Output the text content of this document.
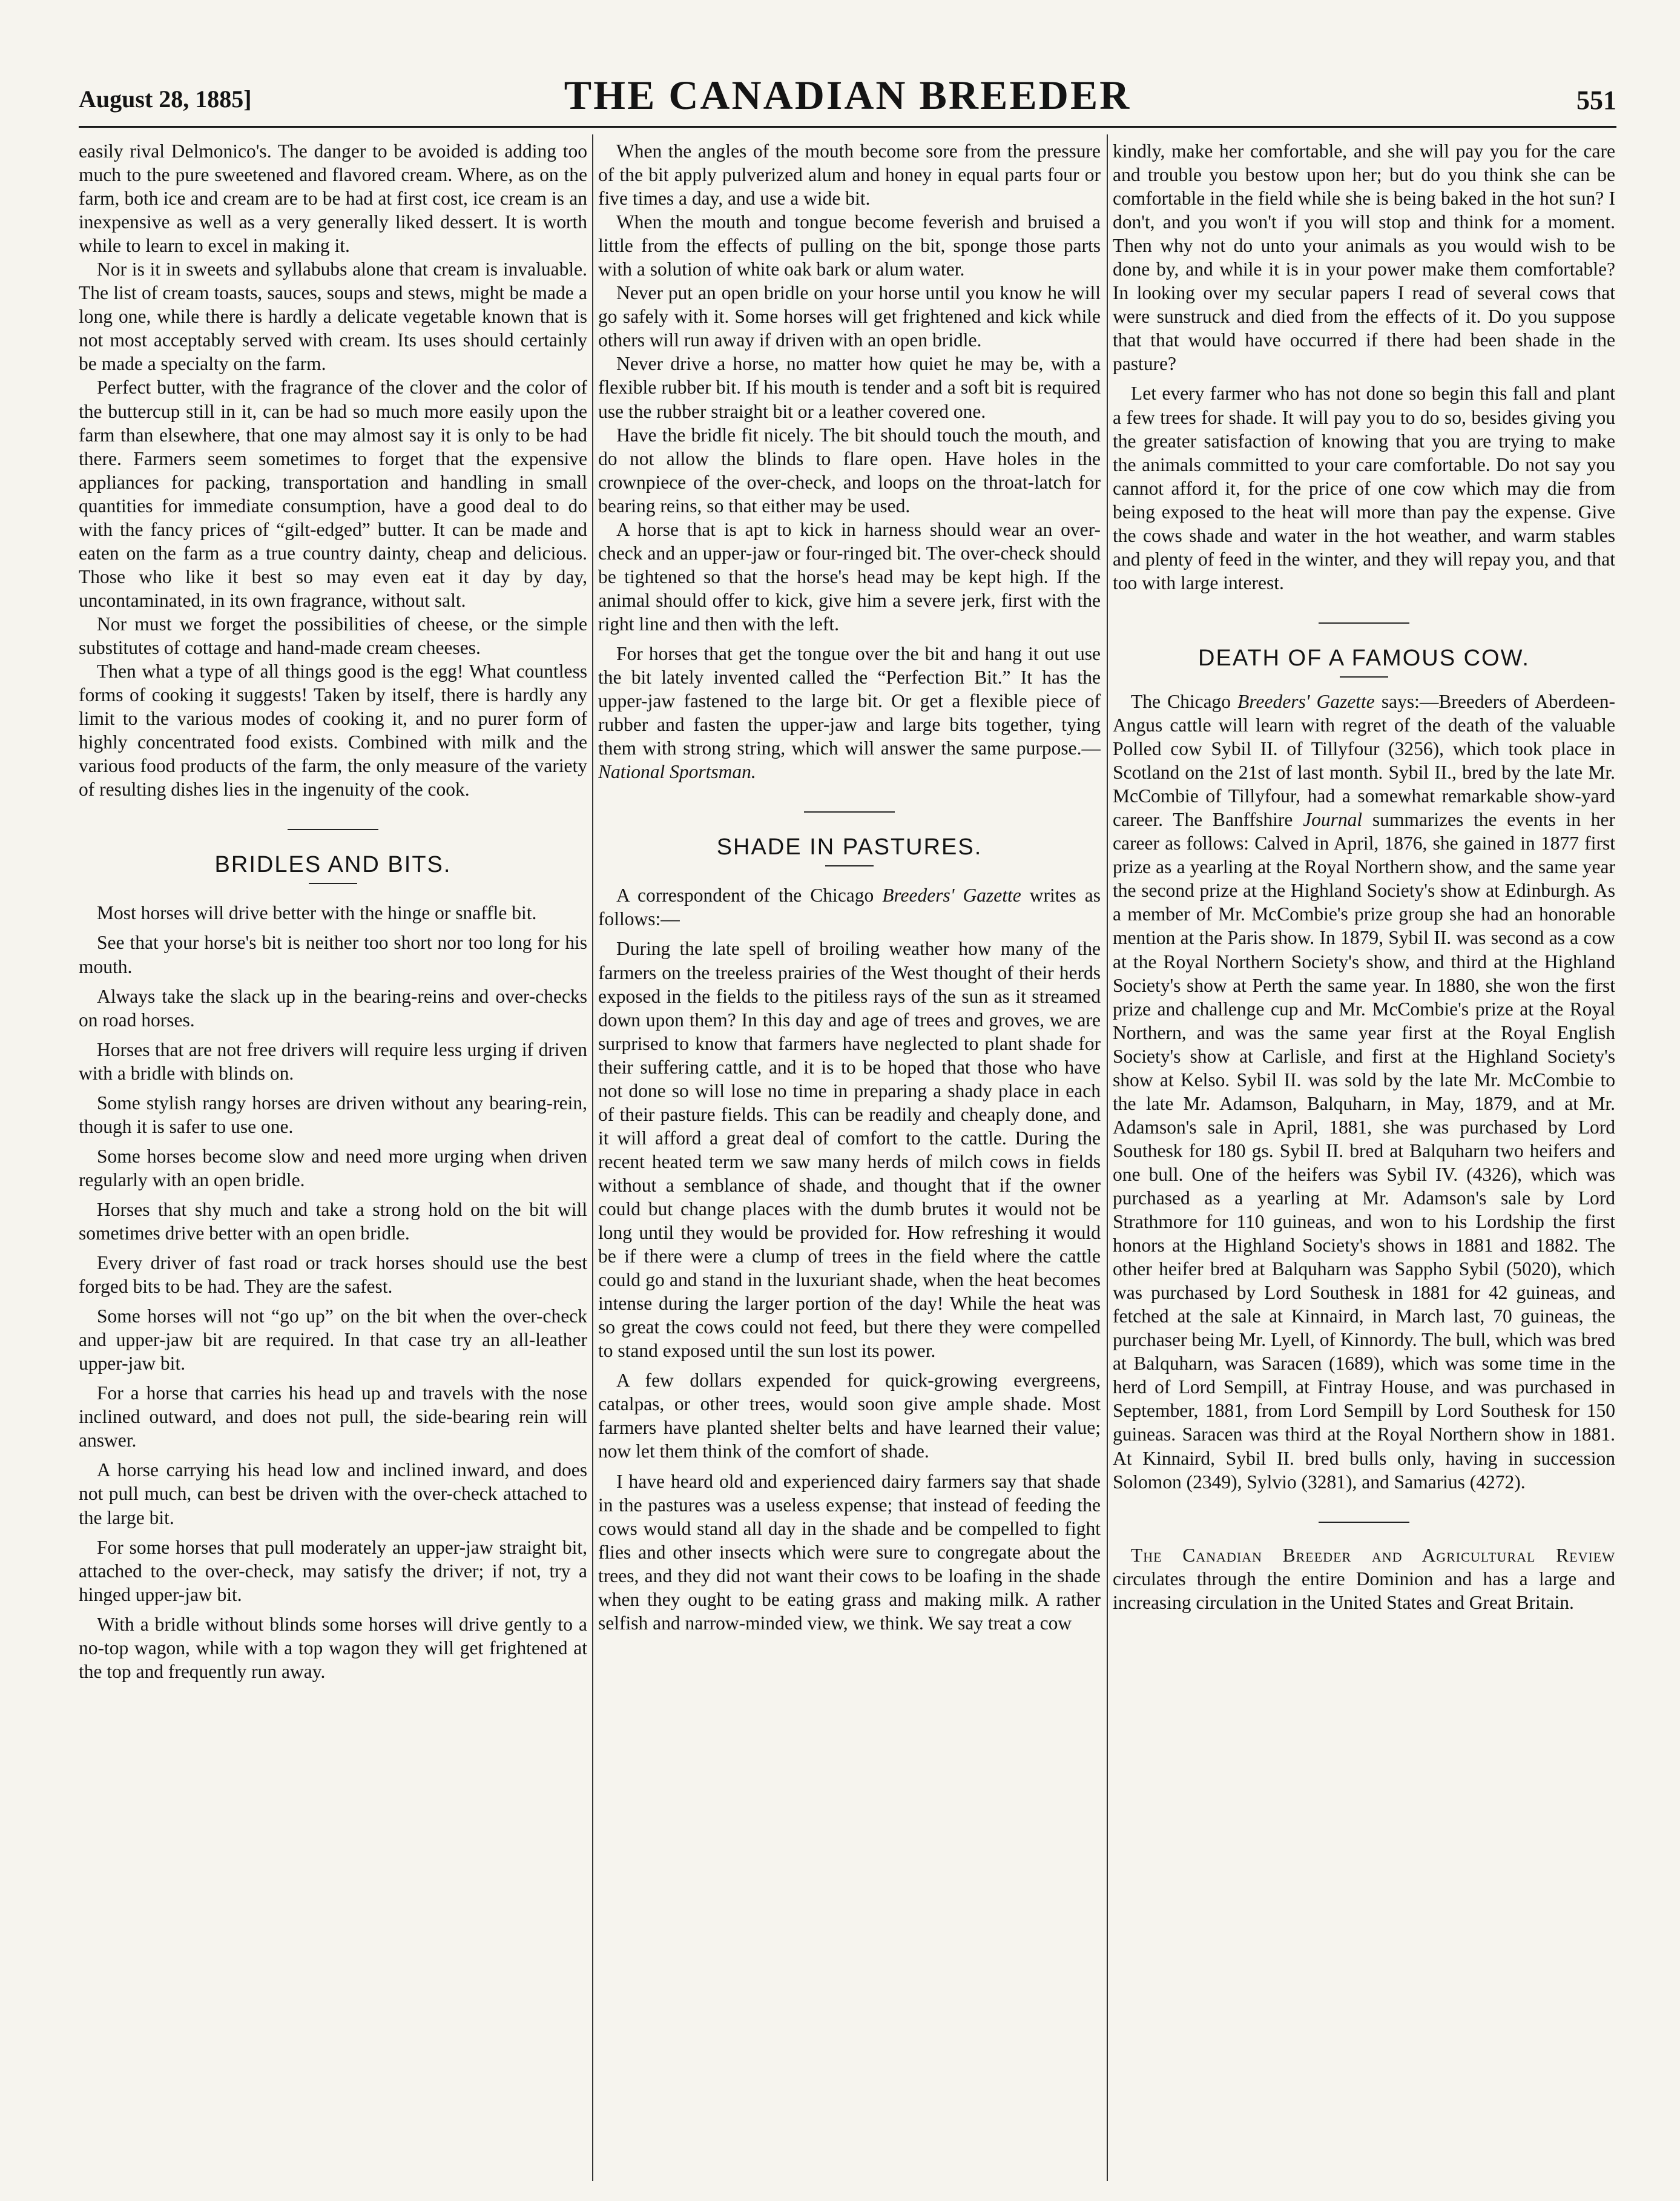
August 28, 1885]	THE CANADIAN BREEDER	551

easily rival Delmonico's. The danger to be avoided is adding too much to the pure sweetened and flavored cream. Where, as on the farm, both ice and cream are to be had at first cost, ice cream is an inexpensive as well as a very generally liked dessert. It is worth while to learn to excel in making it.

Nor is it in sweets and syllabubs alone that cream is invaluable. The list of cream toasts, sauces, soups and stews, might be made a long one, while there is hardly a delicate vegetable known that is not most acceptably served with cream. Its uses should certainly be made a specialty on the farm.

Perfect butter, with the fragrance of the clover and the color of the buttercup still in it, can be had so much more easily upon the farm than elsewhere, that one may almost say it is only to be had there. Farmers seem sometimes to forget that the expensive appliances for packing, transportation and handling in small quantities for immediate consumption, have a good deal to do with the fancy prices of “gilt-edged” butter. It can be made and eaten on the farm as a true country dainty, cheap and delicious. Those who like it best so may even eat it day by day, uncontaminated, in its own fragrance, without salt.

Nor must we forget the possibilities of cheese, or the simple substitutes of cottage and hand-made cream cheeses.

Then what a type of all things good is the egg! What countless forms of cooking it suggests! Taken by itself, there is hardly any limit to the various modes of cooking it, and no purer form of highly concentrated food exists. Combined with milk and the various food products of the farm, the only measure of the variety of resulting dishes lies in the ingenuity of the cook.

BRIDLES AND BITS.

Most horses will drive better with the hinge or snaffle bit.

See that your horse's bit is neither too short nor too long for his mouth.

Always take the slack up in the bearing-reins and over-checks on road horses.

Horses that are not free drivers will require less urging if driven with a bridle with blinds on.

Some stylish rangy horses are driven without any bearing-rein, though it is safer to use one.

Some horses become slow and need more urging when driven regularly with an open bridle.

Horses that shy much and take a strong hold on the bit will sometimes drive better with an open bridle.

Every driver of fast road or track horses should use the best forged bits to be had. They are the safest.

Some horses will not “go up” on the bit when the over-check and upper-jaw bit are required. In that case try an all-leather upper-jaw bit.

For a horse that carries his head up and travels with the nose inclined outward, and does not pull, the side-bearing rein will answer.

A horse carrying his head low and inclined inward, and does not pull much, can best be driven with the over-check attached to the large bit.

For some horses that pull moderately an upper-jaw straight bit, attached to the over-check, may satisfy the driver; if not, try a hinged upper-jaw bit.

With a bridle without blinds some horses will drive gently to a no-top wagon, while with a top wagon they will get frightened at the top and frequently run away.

When the angles of the mouth become sore from the pressure of the bit apply pulverized alum and honey in equal parts four or five times a day, and use a wide bit.

When the mouth and tongue become feverish and bruised a little from the effects of pulling on the bit, sponge those parts with a solution of white oak bark or alum water.

Never put an open bridle on your horse until you know he will go safely with it. Some horses will get frightened and kick while others will run away if driven with an open bridle.

Never drive a horse, no matter how quiet he may be, with a flexible rubber bit. If his mouth is tender and a soft bit is required use the rubber straight bit or a leather covered one.

Have the bridle fit nicely. The bit should touch the mouth, and do not allow the blinds to flare open. Have holes in the crownpiece of the over-check, and loops on the throat-latch for bearing reins, so that either may be used.

A horse that is apt to kick in harness should wear an over-check and an upper-jaw or four-ringed bit. The over-check should be tightened so that the horse's head may be kept high. If the animal should offer to kick, give him a severe jerk, first with the right line and then with the left.

For horses that get the tongue over the bit and hang it out use the bit lately invented called the “Perfection Bit.” It has the upper-jaw fastened to the large bit. Or get a flexible piece of rubber and fasten the upper-jaw and large bits together, tying them with strong string, which will answer the same purpose.—National Sportsman.

SHADE IN PASTURES.

A correspondent of the Chicago Breeders' Gazette writes as follows:—

During the late spell of broiling weather how many of the farmers on the treeless prairies of the West thought of their herds exposed in the fields to the pitiless rays of the sun as it streamed down upon them? In this day and age of trees and groves, we are surprised to know that farmers have neglected to plant shade for their suffering cattle, and it is to be hoped that those who have not done so will lose no time in preparing a shady place in each of their pasture fields. This can be readily and cheaply done, and it will afford a great deal of comfort to the cattle. During the recent heated term we saw many herds of milch cows in fields without a semblance of shade, and thought that if the owner could but change places with the dumb brutes it would not be long until they would be provided for. How refreshing it would be if there were a clump of trees in the field where the cattle could go and stand in the luxuriant shade, when the heat becomes intense during the larger portion of the day! While the heat was so great the cows could not feed, but there they were compelled to stand exposed until the sun lost its power.

A few dollars expended for quick-growing evergreens, catalpas, or other trees, would soon give ample shade. Most farmers have planted shelter belts and have learned their value; now let them think of the comfort of shade.

I have heard old and experienced dairy farmers say that shade in the pastures was a useless expense; that instead of feeding the cows would stand all day in the shade and be compelled to fight flies and other insects which were sure to congregate about the trees, and they did not want their cows to be loafing in the shade when they ought to be eating grass and making milk. A rather selfish and narrow-minded view, we think. We say treat a cow

kindly, make her comfortable, and she will pay you for the care and trouble you bestow upon her; but do you think she can be comfortable in the field while she is being baked in the hot sun? I don't, and you won't if you will stop and think for a moment. Then why not do unto your animals as you would wish to be done by, and while it is in your power make them comfortable? In looking over my secular papers I read of several cows that were sunstruck and died from the effects of it. Do you suppose that that would have occurred if there had been shade in the pasture?

Let every farmer who has not done so begin this fall and plant a few trees for shade. It will pay you to do so, besides giving you the greater satisfaction of knowing that you are trying to make the animals committed to your care comfortable. Do not say you cannot afford it, for the price of one cow which may die from being exposed to the heat will more than pay the expense. Give the cows shade and water in the hot weather, and warm stables and plenty of feed in the winter, and they will repay you, and that too with large interest.

DEATH OF A FAMOUS COW.

The Chicago Breeders' Gazette says:—Breeders of Aberdeen-Angus cattle will learn with regret of the death of the valuable Polled cow Sybil II. of Tillyfour (3256), which took place in Scotland on the 21st of last month. Sybil II., bred by the late Mr. McCombie of Tillyfour, had a somewhat remarkable show-yard career. The Banffshire Journal summarizes the events in her career as follows: Calved in April, 1876, she gained in 1877 first prize as a yearling at the Royal Northern show, and the same year the second prize at the Highland Society's show at Edinburgh. As a member of Mr. McCombie's prize group she had an honorable mention at the Paris show. In 1879, Sybil II. was second as a cow at the Royal Northern Society's show, and third at the Highland Society's show at Perth the same year. In 1880, she won the first prize and challenge cup and Mr. McCombie's prize at the Royal Northern, and was the same year first at the Royal English Society's show at Carlisle, and first at the Highland Society's show at Kelso. Sybil II. was sold by the late Mr. McCombie to the late Mr. Adamson, Balquharn, in May, 1879, and at Mr. Adamson's sale in April, 1881, she was purchased by Lord Southesk for 180 gs. Sybil II. bred at Balquharn two heifers and one bull. One of the heifers was Sybil IV. (4326), which was purchased as a yearling at Mr. Adamson's sale by Lord Strathmore for 110 guineas, and won to his Lordship the first honors at the Highland Society's shows in 1881 and 1882. The other heifer bred at Balquharn was Sappho Sybil (5020), which was purchased by Lord Southesk in 1881 for 42 guineas, and fetched at the sale at Kinnaird, in March last, 70 guineas, the purchaser being Mr. Lyell, of Kinnordy. The bull, which was bred at Balquharn, was Saracen (1689), which was some time in the herd of Lord Sempill, at Fintray House, and was purchased in September, 1881, from Lord Sempill by Lord Southesk for 150 guineas. Saracen was third at the Royal Northern show in 1881. At Kinnaird, Sybil II. bred bulls only, having in succession Solomon (2349), Sylvio (3281), and Samarius (4272).

The Canadian Breeder and Agricultural Review circulates through the entire Dominion and has a large and increasing circulation in the United States and Great Britain.
